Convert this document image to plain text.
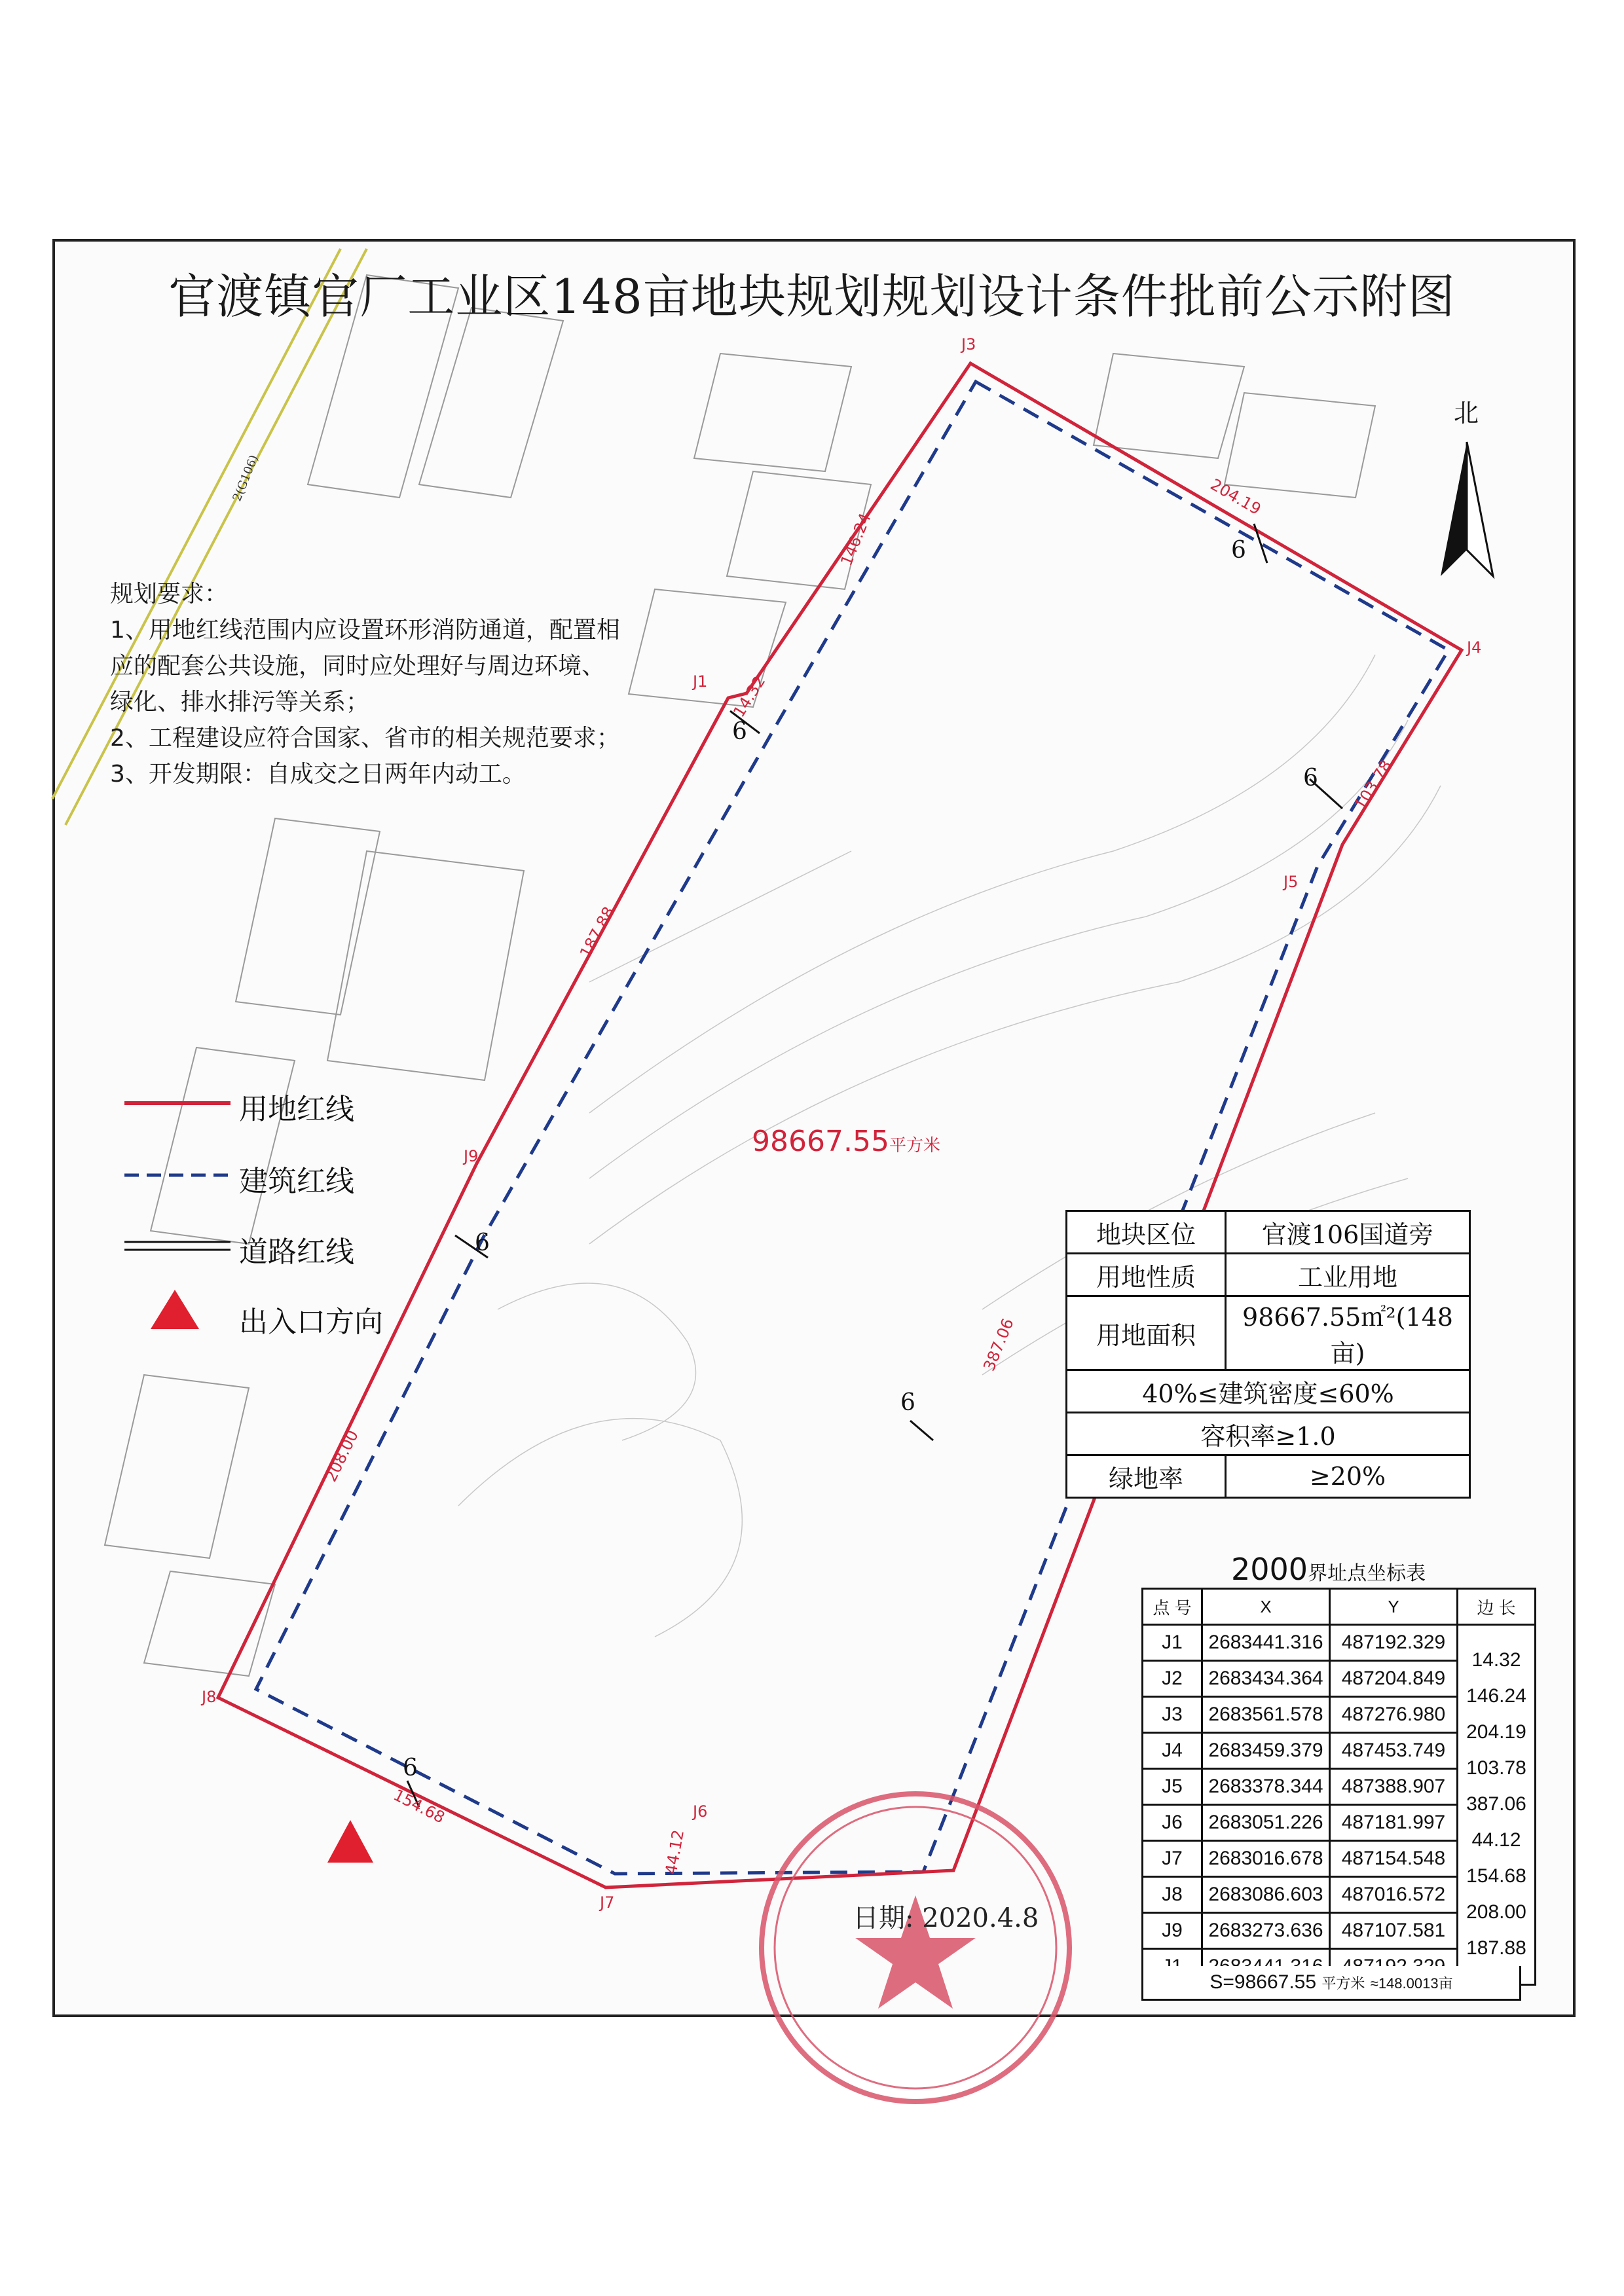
官渡镇官厂工业区148亩地块规划规划设计条件批前公示附图
2(G106)
规划要求：
1、用地红线范围内应设置环形消防通道，配置相
应的配套公共设施，同时应处理好与周边环境、
绿化、排水排污等关系；
2、工程建设应符合国家、省市的相关规范要求；
3、开发期限：自成交之日两年内动工。
用地红线
建筑红线
道路红线
出入口方向
北
98667.55平方米
J3
J4
J5
J1
J9
J8
J7
J6
14.32
146.24
204.19
103.78
387.06
44.12
154.68
208.00
187.88
6
6
6
6
6
6
地块区位	官渡106国道旁
用地性质	工业用地
用地面积	98667.55㎡²(148亩)
40%≤建筑密度≤60%	
容积率≥1.0	
绿地率	≥20%
2000界址点坐标表
点 号	X	Y	边 长
J1	2683441.316	487192.329	14.32

J2	2683434.364	487204.849	146.24

J3	2683561.578	487276.980	204.19

J4	2683459.379	487453.749	103.78

J5	2683378.344	487388.907	387.06

J6	2683051.226	487181.997	44.12

J7	2683016.678	487154.548	154.68

J8	2683086.603	487016.572	208.00

J9	2683273.636	487107.581	187.88

S=98667.55 平方米 ≈148.0013亩
日期: 2020.4.8
